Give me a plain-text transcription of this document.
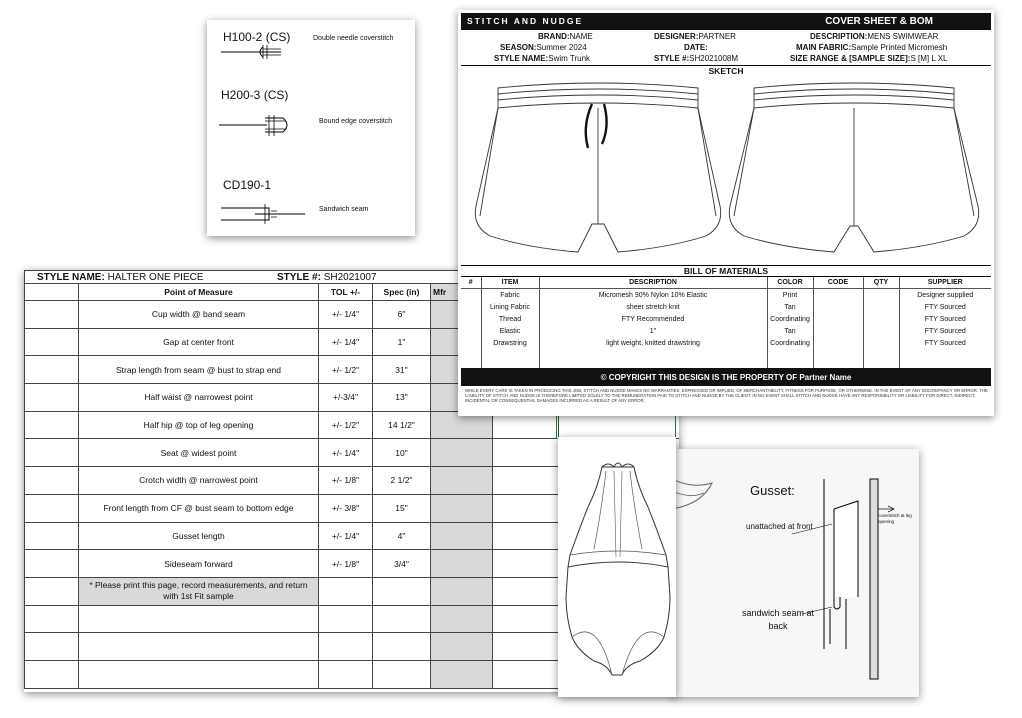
H100-2 (CS)	Double needle coverstitch
H200-3 (CS)
Bound edge coverstitch
CD190-1
Sandwich seam
STYLE NAME: HALTER ONE PIECE STYLE #: SH2021007							

	Point of Measure	TOL +/-	Spec (in)	Mfr			
	Cup width @ band seam	+/- 1/4"	6"				
	Gap at center front	+/- 1/4"	1"				
	Strap length from seam @ bust to strap end	+/- 1/2"	31"				
	Half waist @ narrowest point	+/-3/4"	13"				
	Half hip @ top of leg opening	+/- 1/2"	14 1/2"				
	Seat @ widest point	+/- 1/4"	10"				
	Crotch width @ narrowest point	+/- 1/8"	2 1/2"				
	Front length from CF @ bust seam to bottom edge	+/- 3/8"	15"				
	Gusset length	+/- 1/4"	4"				
	Sideseam forward	+/- 1/8"	3/4"				
	* Please print this page, record measurements, and return with 1st Fit sample						

Gusset:
unattached at front
sandwich seam at back
coverstitch at leg opening
STITCH AND NUDGE	COVER SHEET & BOM
BRAND: NAME	DESIGNER: PARTNER	DESCRIPTION: MENS SWIMWEAR
SEASON: Summer 2024	DATE:	MAIN FABRIC: Sample Printed Micromesh
STYLE NAME: Swim Trunk	STYLE #: SH2021008M	SIZE RANGE & [SAMPLE SIZE]: S [M] L XL
SKETCH
BILL OF MATERIALS
#	ITEM	DESCRIPTION	COLOR	CODE	QTY	SUPPLIER
	Fabric	Micromesh 90% Nylon 10% Elastic	Print			Designer supplied
	Lining Fabric	sheer stretch knit	Tan			FTY Sourced
	Thread	FTY Recommended	Coordinating			FTY Sourced
	Elastic	1"	Tan			FTY Sourced
	Drawstring	light weight, knitted drawstring	Coordinating			FTY Sourced

© COPYRIGHT THIS DESIGN IS THE PROPERTY OF Partner Name
WHILE EVERY CARE IS TAKEN IN PRODUCING THIS JOB, STITCH AND NUDGE MAKES NO WARRANTIES, EXPRESSED OR IMPLIED, OF MERCHANTABILITY, FITNESS FOR PURPOSE, OR OTHERWISE. IN THE EVENT OF ANY DISCREPANCY OR ERROR, THE LIABILITY OF STITCH AND NUDGE IS THEREFORE LIMITED SOLELY TO THE REMUNERATION PAID TO STITCH AND NUDGE BY THE CLIENT. IN NO EVENT SHALL STITCH AND NUDGE HAVE ANY RESPONSIBILITY OR LIABILITY FOR DIRECT, INDIRECT, INCIDENTAL OR CONSEQUENTIAL DAMAGES INCURRED AS A RESULT OF ANY ERROR.
